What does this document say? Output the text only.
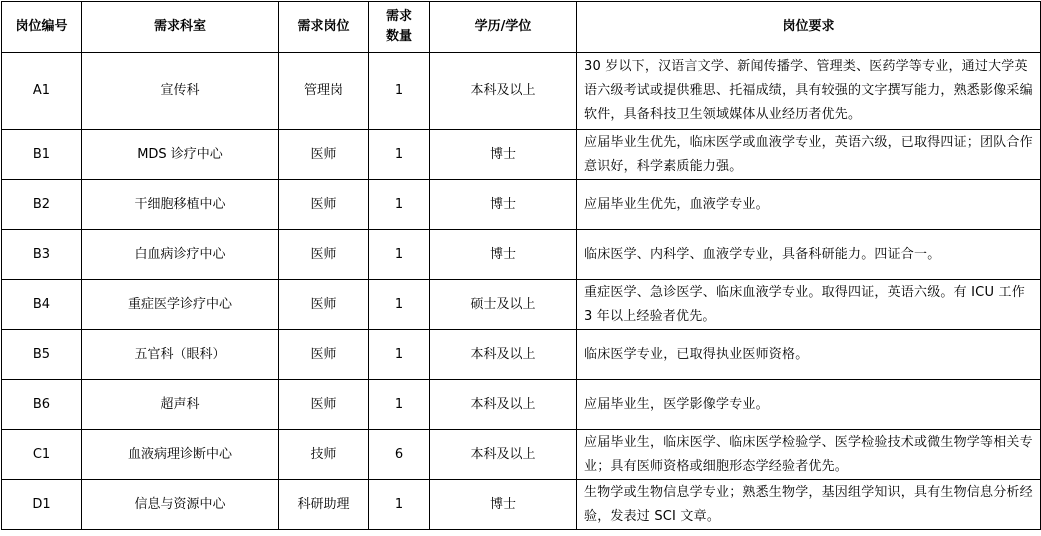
岗位编号	需求科室	需求岗位	需求数量	学历/学位	岗位要求
A1	宣传科	管理岗	1	本科及以上	30 岁以下，汉语言文学、新闻传播学、管理类、医药学等专业，通过大学英语六级考试或提供雅思、托福成绩，具有较强的文字撰写能力，熟悉影像采编软件，具备科技卫生领域媒体从业经历者优先。
B1	MDS 诊疗中心	医师	1	博士	应届毕业生优先，临床医学或血液学专业，英语六级，已取得四证；团队合作意识好，科学素质能力强。
B2	干细胞移植中心	医师	1	博士	应届毕业生优先，血液学专业。
B3	白血病诊疗中心	医师	1	博士	临床医学、内科学、血液学专业，具备科研能力。四证合一。
B4	重症医学诊疗中心	医师	1	硕士及以上	重症医学、急诊医学、临床血液学专业。取得四证，英语六级。有 ICU 工作 3 年以上经验者优先。
B5	五官科（眼科）	医师	1	本科及以上	临床医学专业，已取得执业医师资格。
B6	超声科	医师	1	本科及以上	应届毕业生，医学影像学专业。
C1	血液病理诊断中心	技师	6	本科及以上	应届毕业生，临床医学、临床医学检验学、医学检验技术或微生物学等相关专业；具有医师资格或细胞形态学经验者优先。
D1	信息与资源中心	科研助理	1	博士	生物学或生物信息学专业；熟悉生物学，基因组学知识，具有生物信息分析经验，发表过 SCI 文章。
